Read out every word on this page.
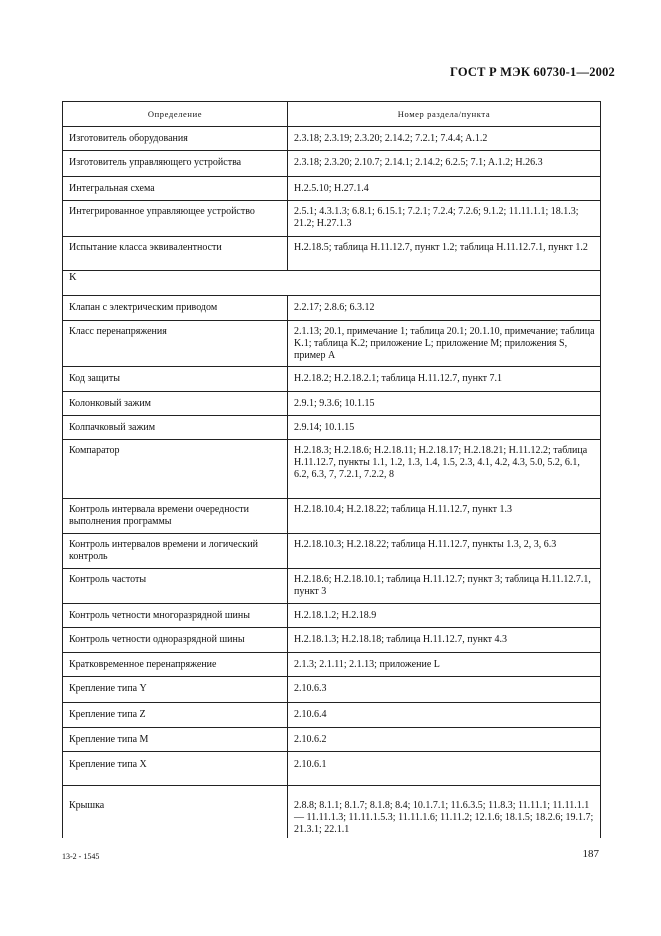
ГОСТ Р МЭК 60730-1—2002
Определение	Номер раздела/пункта
Изготовитель оборудования	2.3.18; 2.3.19; 2.3.20; 2.14.2; 7.2.1; 7.4.4; A.1.2
Изготовитель управляющего устройства	2.3.18; 2.3.20; 2.10.7; 2.14.1; 2.14.2; 6.2.5; 7.1; A.1.2; H.26.3
Интегральная схема	H.2.5.10; H.27.1.4
Интегрированное управляющее устройство	2.5.1; 4.3.1.3; 6.8.1; 6.15.1; 7.2.1; 7.2.4; 7.2.6; 9.1.2; 11.11.1.1; 18.1.3; 21.2; H.27.1.3
Испытание класса эквивалентности	H.2.18.5; таблица H.11.12.7, пункт 1.2; таблица H.11.12.7.1, пункт 1.2
К	
Клапан с электрическим приводом	2.2.17; 2.8.6; 6.3.12
Класс перенапряжения	2.1.13; 20.1, примечание 1; таблица 20.1; 20.1.10, примечание; таблица K.1; таблица K.2; приложение L; приложение M; приложения S, пример A
Код защиты	H.2.18.2; H.2.18.2.1; таблица H.11.12.7, пункт 7.1
Колонковый зажим	2.9.1; 9.3.6; 10.1.15
Колпачковый зажим	2.9.14; 10.1.15
Компаратор	H.2.18.3; H.2.18.6; H.2.18.11; H.2.18.17; H.2.18.21; H.11.12.2; таблица H.11.12.7, пункты 1.1, 1.2, 1.3, 1.4, 1.5, 2.3, 4.1, 4.2, 4.3, 5.0, 5.2, 6.1, 6.2, 6.3, 7, 7.2.1, 7.2.2, 8
Контроль интервала времени очередности выполнения программы	H.2.18.10.4; H.2.18.22; таблица H.11.12.7, пункт 1.3
Контроль интервалов времени и логический контроль	H.2.18.10.3; H.2.18.22; таблица H.11.12.7, пункты 1.3, 2, 3, 6.3
Контроль частоты	H.2.18.6; H.2.18.10.1; таблица H.11.12.7; пункт 3; таблица H.11.12.7.1, пункт 3
Контроль четности многоразрядной шины	H.2.18.1.2; H.2.18.9
Контроль четности одноразрядной шины	H.2.18.1.3; H.2.18.18; таблица H.11.12.7, пункт 4.3
Кратковременное перенапряжение	2.1.3; 2.1.11; 2.1.13; приложение L
Крепление типа Y	2.10.6.3
Крепление типа Z	2.10.6.4
Крепление типа M	2.10.6.2
Крепление типа X	2.10.6.1
Крышка	2.8.8; 8.1.1; 8.1.7; 8.1.8; 8.4; 10.1.7.1; 11.6.3.5; 11.8.3; 11.11.1; 11.11.1.1 — 11.11.1.3; 11.11.1.5.3; 11.11.1.6; 11.11.2; 12.1.6; 18.1.5; 18.2.6; 19.1.7; 21.3.1; 22.1.1
13-2 - 1545	187
